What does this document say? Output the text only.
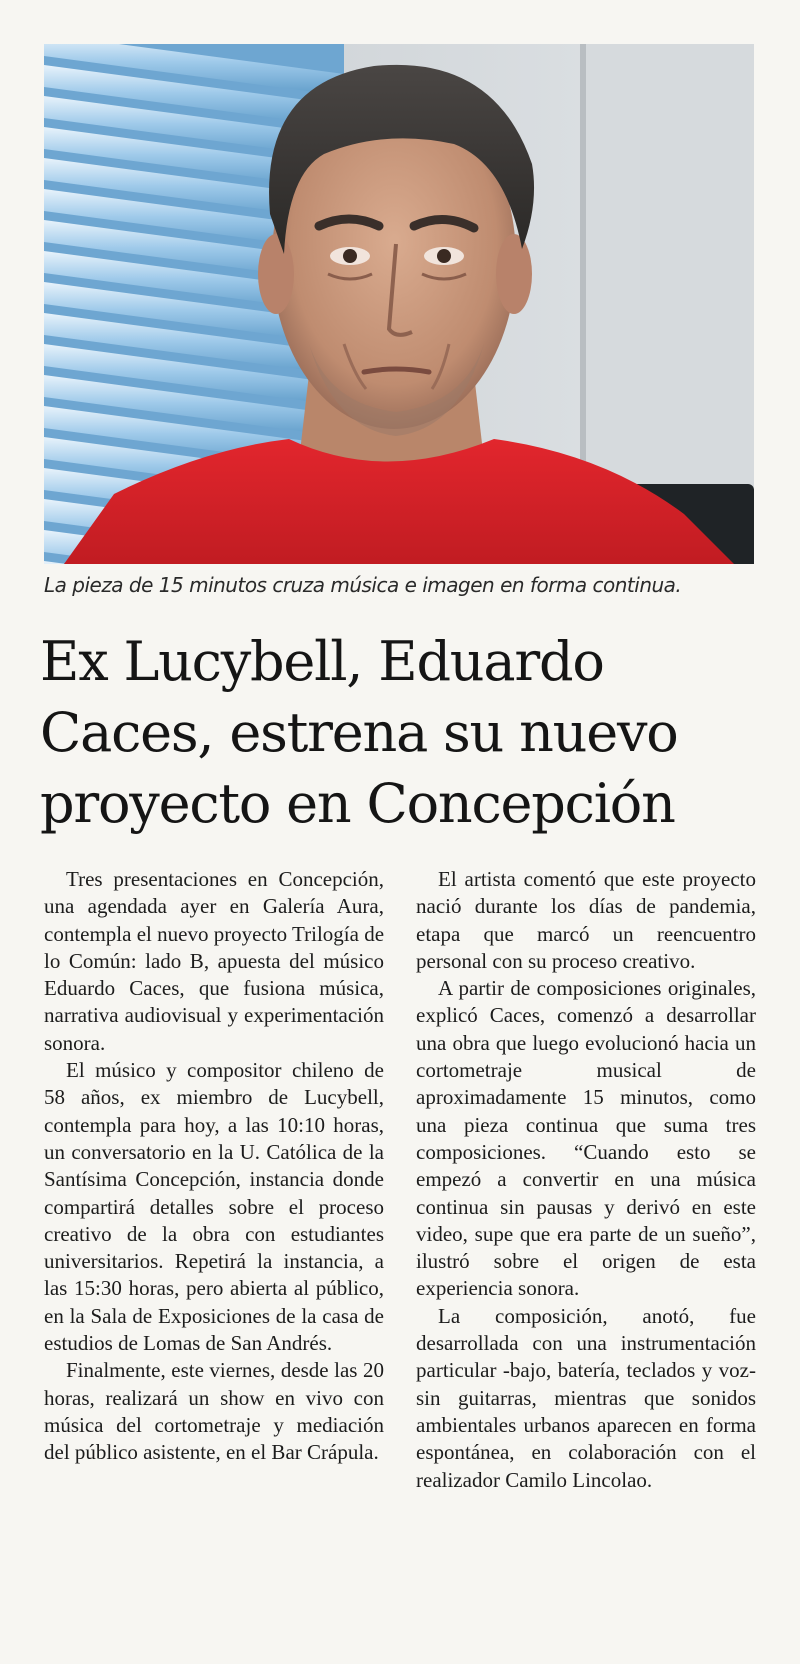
La pieza de 15 minutos cruza música e imagen en forma continua.
Ex Lucybell, Eduardo Caces, estrena su nuevo proyecto en Concepción

Tres presentaciones en Concepción, una agendada ayer en Galería Aura, contempla el nuevo proyecto Trilogía de lo Común: lado B, apuesta del músico Eduardo Caces, que fusiona música, narrativa audiovisual y experimentación sonora.

El músico y compositor chileno de 58 años, ex miembro de Lucybell, contempla para hoy, a las 10:10 horas, un conversatorio en la U. Católica de la Santísima Concepción, instancia donde compartirá detalles sobre el proceso creativo de la obra con estudiantes universitarios. Repetirá la instancia, a las 15:30 horas, pero abierta al público, en la Sala de Exposiciones de la casa de estudios de Lomas de San Andrés.

Finalmente, este viernes, desde las 20 horas, realizará un show en vivo con música del cortometraje y mediación del público asistente, en el Bar Crápula.

El artista comentó que este proyecto nació durante los días de pandemia, etapa que marcó un reencuentro personal con su proceso creativo.

A partir de composiciones originales, explicó Caces, comenzó a desarrollar una obra que luego evolucionó hacia un cortometraje musical de aproximadamente 15 minutos, como una pieza continua que suma tres composiciones. “Cuando esto se empezó a convertir en una música continua sin pausas y derivó en este video, supe que era parte de un sueño”, ilustró sobre el origen de esta experiencia sonora.

La composición, anotó, fue desarrollada con una instrumentación particular -bajo, batería, teclados y voz- sin guitarras, mientras que sonidos ambientales urbanos aparecen en forma espontánea, en colaboración con el realizador Camilo Lincolao.
